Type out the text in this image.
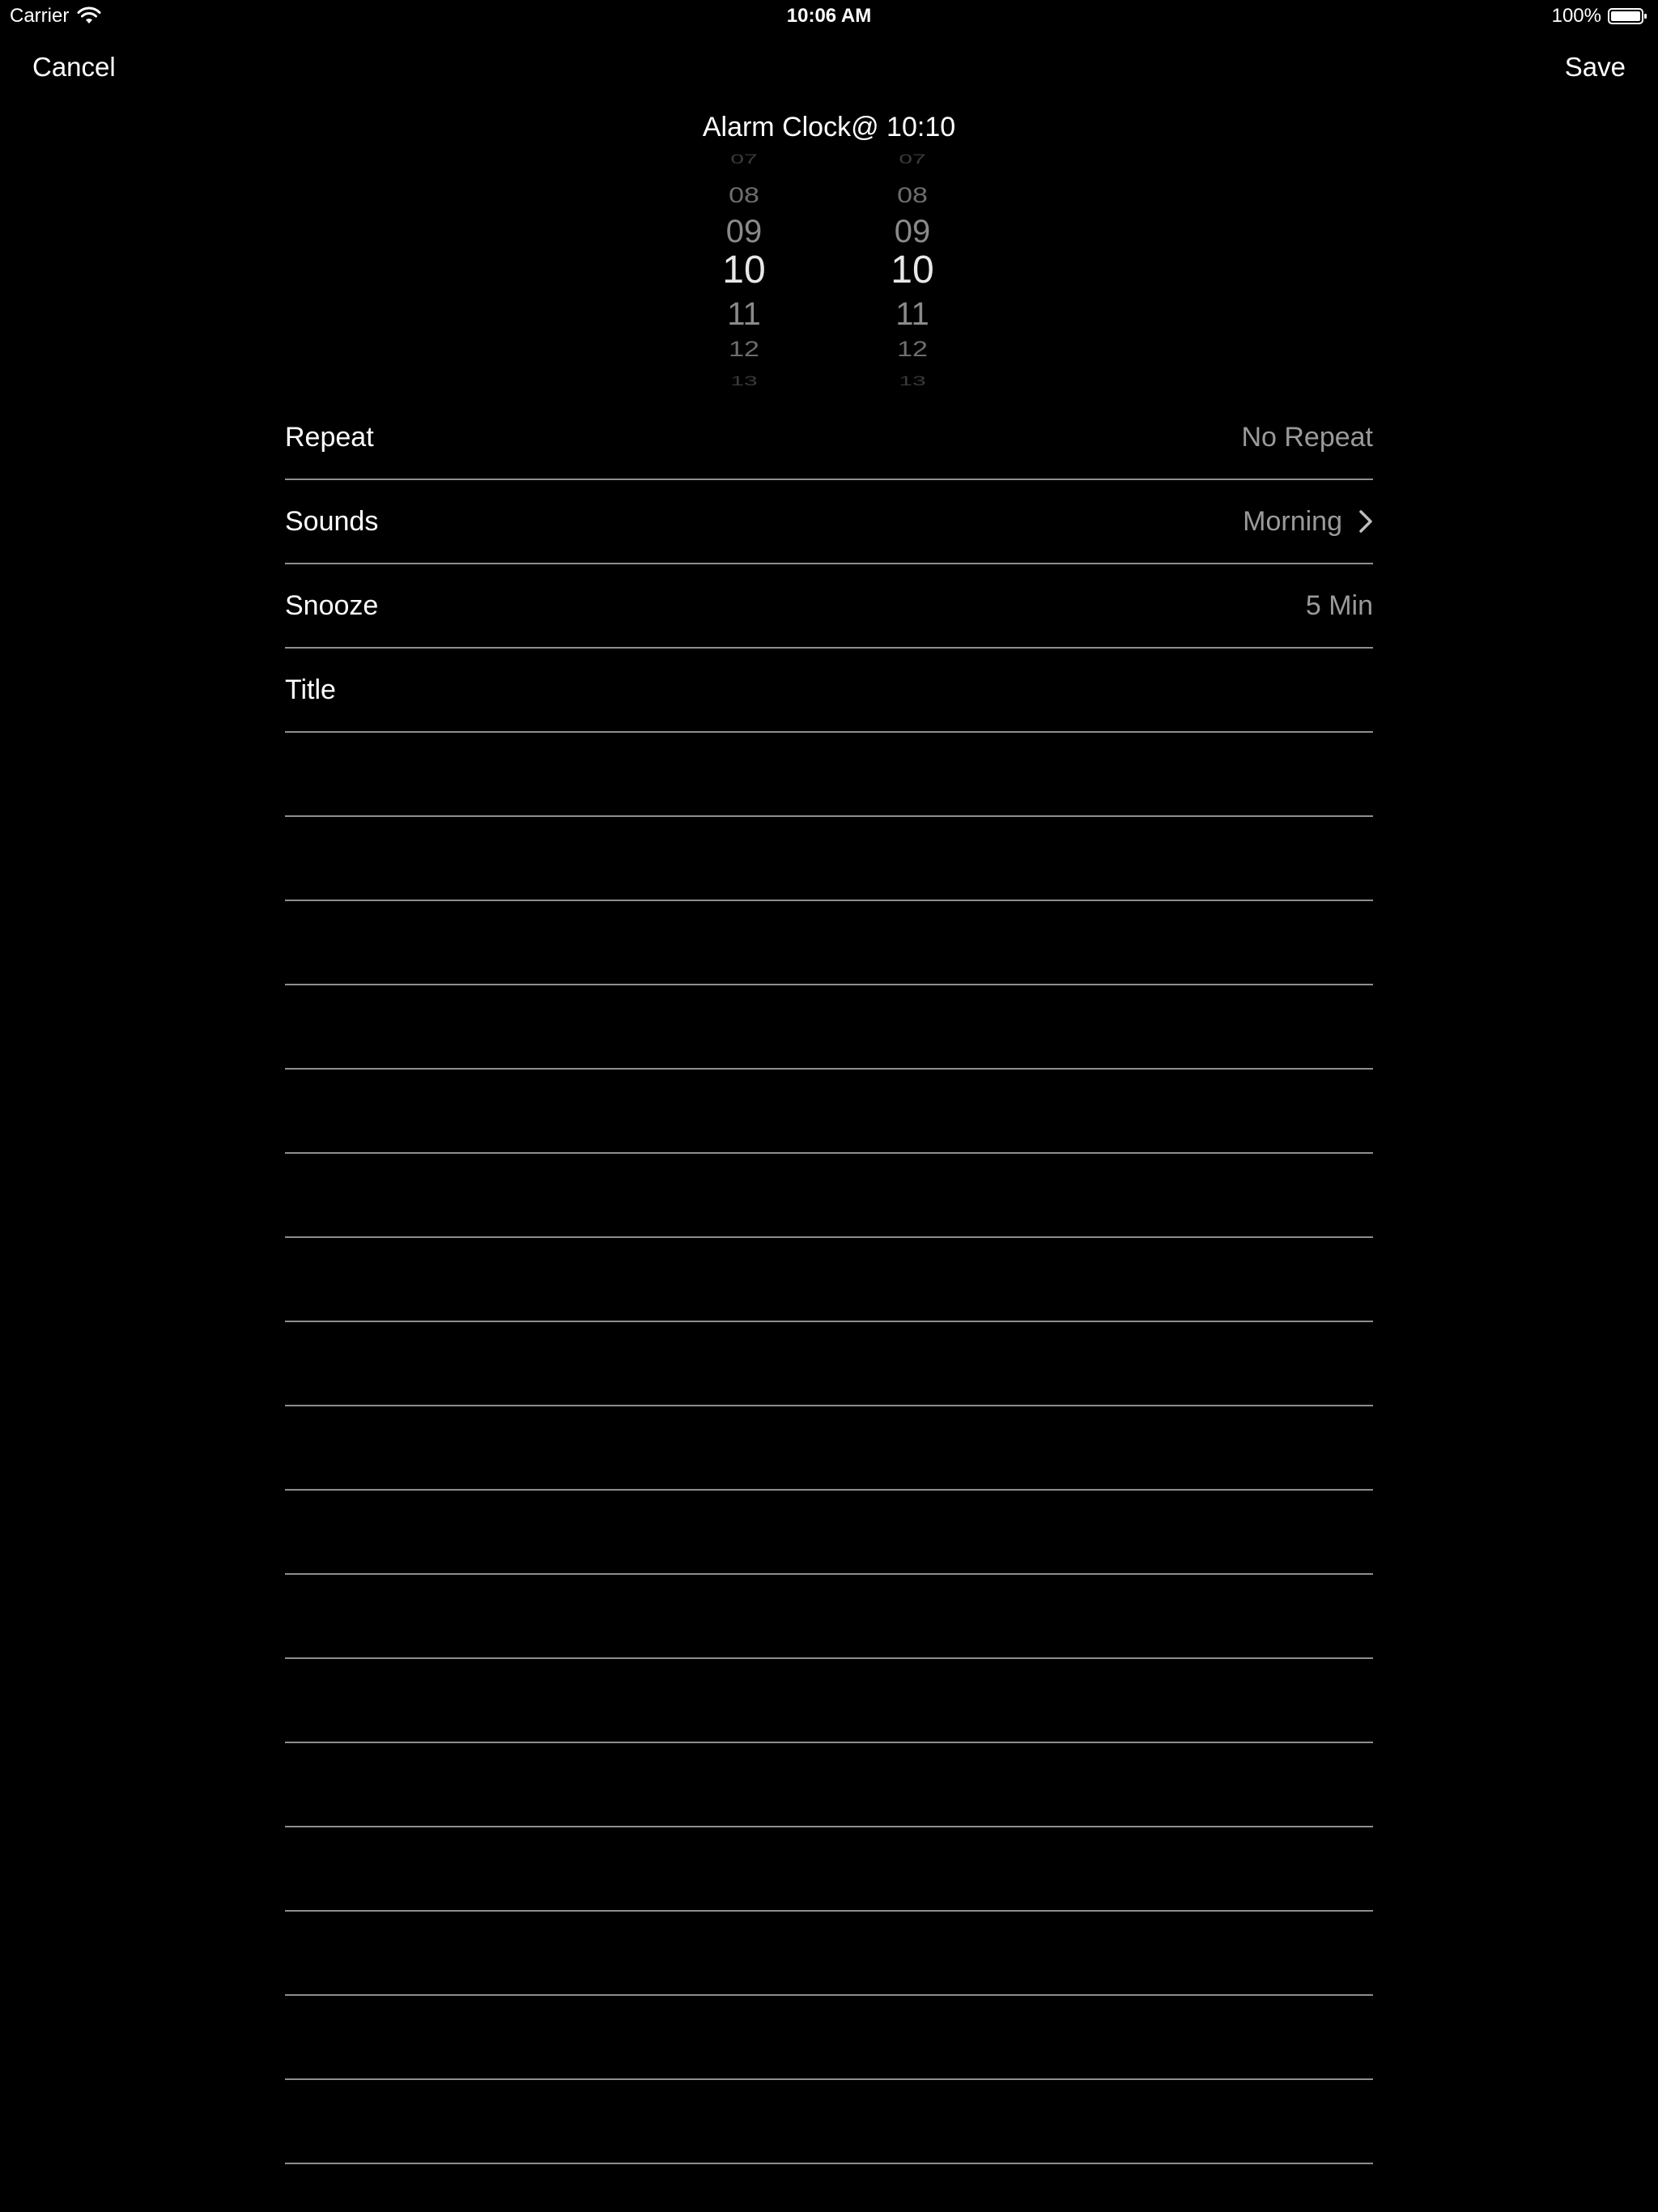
Carrier	10:06 AM	100%
Cancel	Save
Alarm Clock@ 10:10
07
08
09
10
11
12
13
07
08
09
10
11
12
13
Repeat	No Repeat
Sounds	Morning
Snooze	5 Min
Title
